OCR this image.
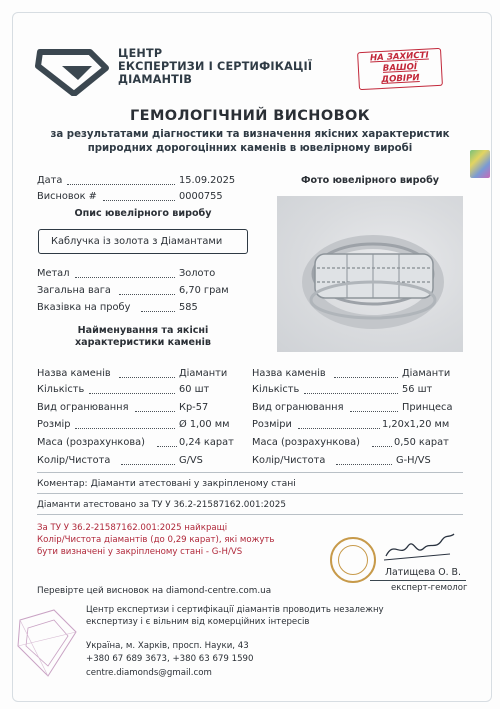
ЦЕНТР
ЕКСПЕРТИЗИ І СЕРТИФІКАЦІЇ
ДІАМАНТІВ
НА ЗАХИСТІ
ВАШОЇ
ДОВІРИ
ГЕМОЛОГІЧНИЙ ВИСНОВОК
за результатами діагностики та визначення якісних характеристик
природних дорогоцінних каменів в ювелірному виробі
Дата	15.09.2025
Висновок #	0000755
Опис ювелірного виробу
Каблучка із золота з Діамантами
Фото ювелірного виробу
Метал	Золото
Загальна вага	6,70 грам
Вказівка на пробу	585
Найменування та якісні
характеристики каменів
Назва каменів	Діаманти
Кількість	60 шт
Вид огранювання	Кр-57
Розмір	Ø 1,00 мм
Маса (розрахункова)	0,24 карат
Колір/Чистота	G/VS
Назва каменів	Діаманти
Кількість	56 шт
Вид огранювання	Принцеса
Розміри	1,20x1,20 мм
Маса (розрахункова)	0,50 карат
Колір/Чистота	G-H/VS
Коментар: Діаманти атестовані у закріпленому стані
Діаманти атестовано за ТУ У 36.2-21587162.001:2025
За ТУ У 36.2-21587162.001:2025 найкращі
Колір/Чистота діамантів (до 0,29 карат), які можуть
бути визначені у закріпленому стані - G-H/VS
Латищева О. В.
експерт-гемолог
Перевірте цей висновок на diamond-centre.com.ua
Центр експертизи і сертифікації діамантів проводить незалежну
експертизу і є вільним від комерційних інтересів
Україна, м. Харків, просп. Науки, 43
+380 67 689 3673, +380 63 679 1590
centre.diamonds@gmail.com
